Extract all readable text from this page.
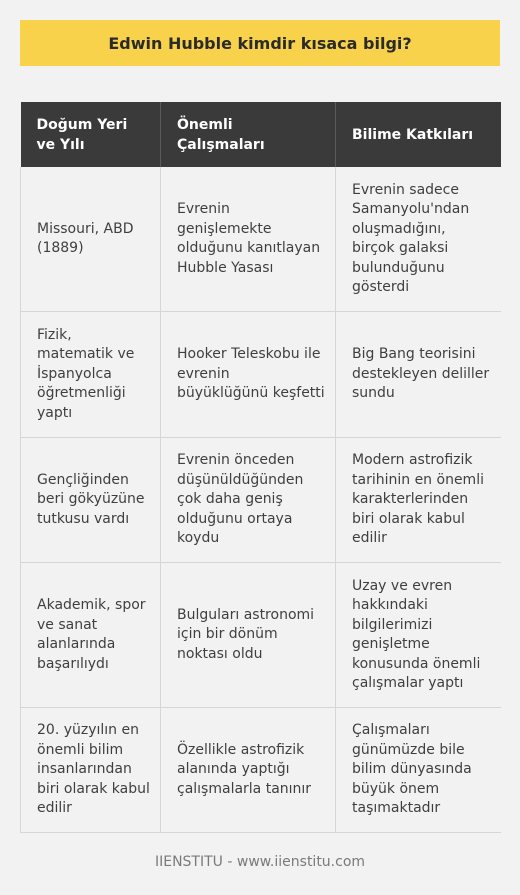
Edwin Hubble kimdir kısaca bilgi?
Doğum Yeri ve Yılı	Önemli Çalışmaları	Bilime Katkıları
Missouri, ABD (1889)	Evrenin genişlemekte olduğunu kanıtlayan Hubble Yasası	Evrenin sadece Samanyolu'ndan oluşmadığını, birçok galaksi bulunduğunu gösterdi
Fizik, matematik ve İspanyolca öğretmenliği yaptı	Hooker Teleskobu ile evrenin büyüklüğünü keşfetti	Big Bang teorisini destekleyen deliller sundu
Gençliğinden beri gökyüzüne tutkusu vardı	Evrenin önceden düşünüldüğünden çok daha geniş olduğunu ortaya koydu	Modern astrofizik tarihinin en önemli karakterlerinden biri olarak kabul edilir
Akademik, spor ve sanat alanlarında başarılıydı	Bulguları astronomi için bir dönüm noktası oldu	Uzay ve evren hakkındaki bilgilerimizi genişletme konusunda önemli çalışmalar yaptı
20. yüzyılın en önemli bilim insanlarından biri olarak kabul edilir	Özellikle astrofizik alanında yaptığı çalışmalarla tanınır	Çalışmaları günümüzde bile bilim dünyasında büyük önem taşımaktadır
IIENSTITU - www.iienstitu.com
